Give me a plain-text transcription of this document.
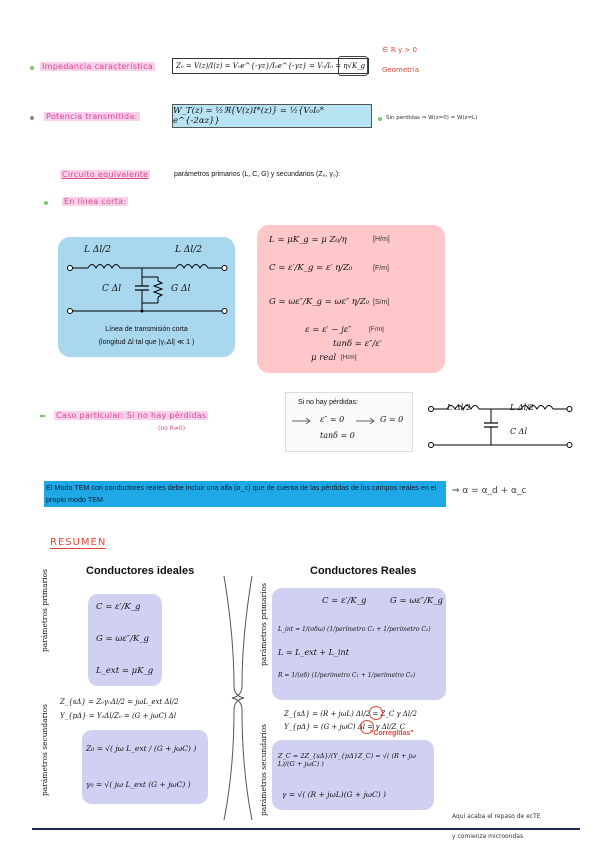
Impedancia característica	Z₀ = V(z)/I(z) = V₀e^{-γz}/I₀e^{-γz} = V₀/I₀ = η√K_g
∈ ℝ y > 0
Geometría
Potencia transmitida:
W_T(z) = ½ℜ{V(z)I*(z)} = ½{V₀I₀* e^{-2αz}}	Sin pérdidas ⇒ W(z=0) = W(z=L)
Circuito equivalente	parámetros primarios (L, C, G) y secundarios (Z₀, γ₀):
En línea corta:
L Δl/2	L Δl/2
C Δl	G Δl
Línea de transmisión corta
(longitud Δl tal que |γ₀Δl| ≪ 1 )
L = μK_g = μ Z₀/η	[H/m]
C = ε′/K_g = ε′ η/Z₀	[F/m]
G = ωε″/K_g = ωε″ η/Z₀ [S/m]
ε = ε′ − jε″	[F/m]
tanδ = ε″/ε′
μ real [H/m]
Caso particular: Si no hay pérdidas
(no R≠0)
Si no hay pérdidas:
ε″ = 0	G = 0
tanδ = 0
L Δl/2	L Δl/2
C Δl
El Modo TEM con conductores reales debe incluir una alfa (α_c) que de cuenta de las pérdidas de los campos reales en el propio modo TEM
⇒ α = α_d + α_c
RESUMEN
Conductores ideales	Conductores Reales
parámetros primarios
parámetros secundarios
parámetros primarios
parámetros secundarios
C = ε′/K_g
G = ωε″/K_g
L_ext = μK_g
Z_{sΔ} = Z₀γ₀Δl/2 = jωL_ext Δl/2
Y_{pΔ} = Y₀Δl/Z₀ = (G + jωC) Δl
Z₀ = √( jω L_ext / (G + jωC) )
γ₀ = √( jω L_ext (G + jωC) )
C = ε′/K_g	G = ωε″/K_g
L_int = 1/(σδω) (1/perímetro C₁ + 1/perímetro C₂)
L = L_ext + L_int
R = 1/(σδ) (1/perímetro C₁ + 1/perímetro C₂)
Z_{sΔ} = (R + jωL) Δl/2 = Z_C γ Δl/2
Y_{pΔ} = (G + jωC) Δl = γ Δl/Z_C
"Corregidas"
Z_C = 2Z_{sΔ}/(Y_{pΔ}Z_C) = √( (R + jω L)/(G + jωC) )
γ = √( (R + jωL)(G + jωC) )
Aquí acaba el repaso de ecTE
y comienza microondas
